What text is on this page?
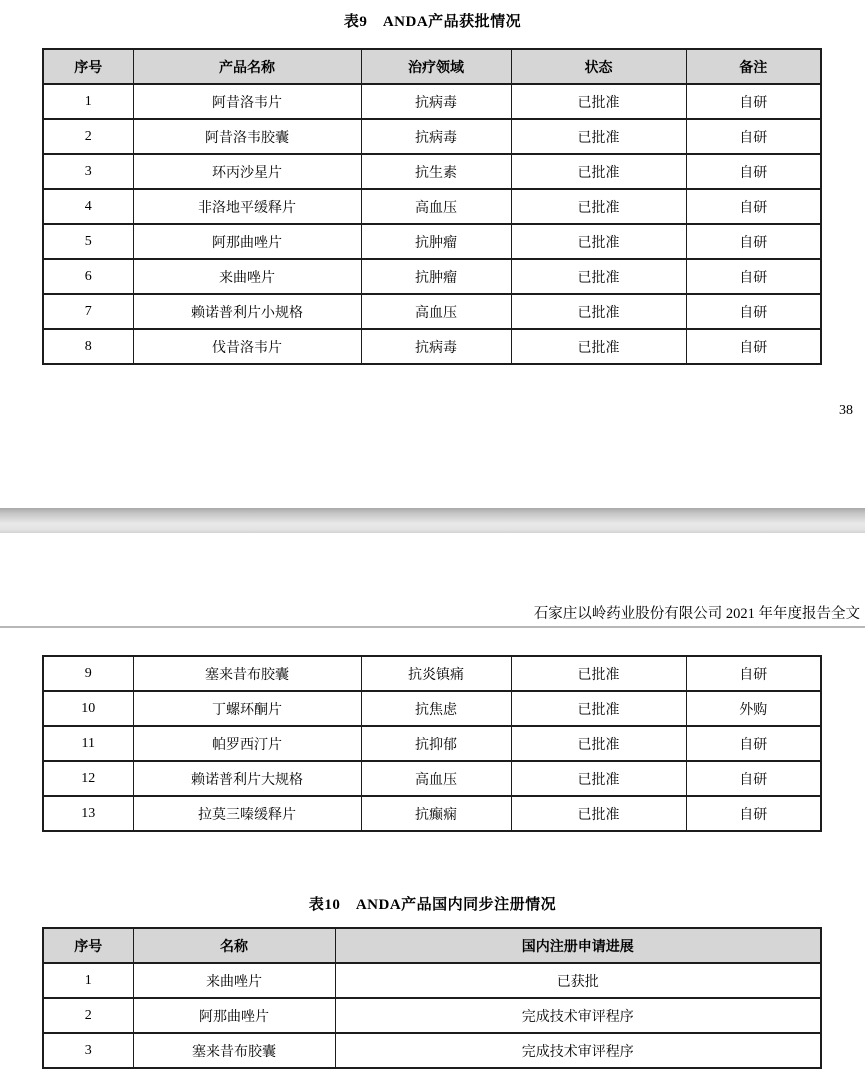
表9　ANDA产品获批情况
序号	产品名称	治疗领域	状态	备注
1	阿昔洛韦片	抗病毒	已批准	自研
2	阿昔洛韦胶囊	抗病毒	已批准	自研
3	环丙沙星片	抗生素	已批准	自研
4	非洛地平缓释片	高血压	已批准	自研
5	阿那曲唑片	抗肿瘤	已批准	自研
6	来曲唑片	抗肿瘤	已批准	自研
7	赖诺普利片小规格	高血压	已批准	自研
8	伐昔洛韦片	抗病毒	已批准	自研
38
石家庄以岭药业股份有限公司 2021 年年度报告全文
9	塞来昔布胶囊	抗炎镇痛	已批准	自研
10	丁螺环酮片	抗焦虑	已批准	外购
11	帕罗西汀片	抗抑郁	已批准	自研
12	赖诺普利片大规格	高血压	已批准	自研
13	拉莫三嗪缓释片	抗癫痫	已批准	自研
表10　ANDA产品国内同步注册情况
序号	名称	国内注册申请进展
1	来曲唑片	已获批
2	阿那曲唑片	完成技术审评程序
3	塞来昔布胶囊	完成技术审评程序
